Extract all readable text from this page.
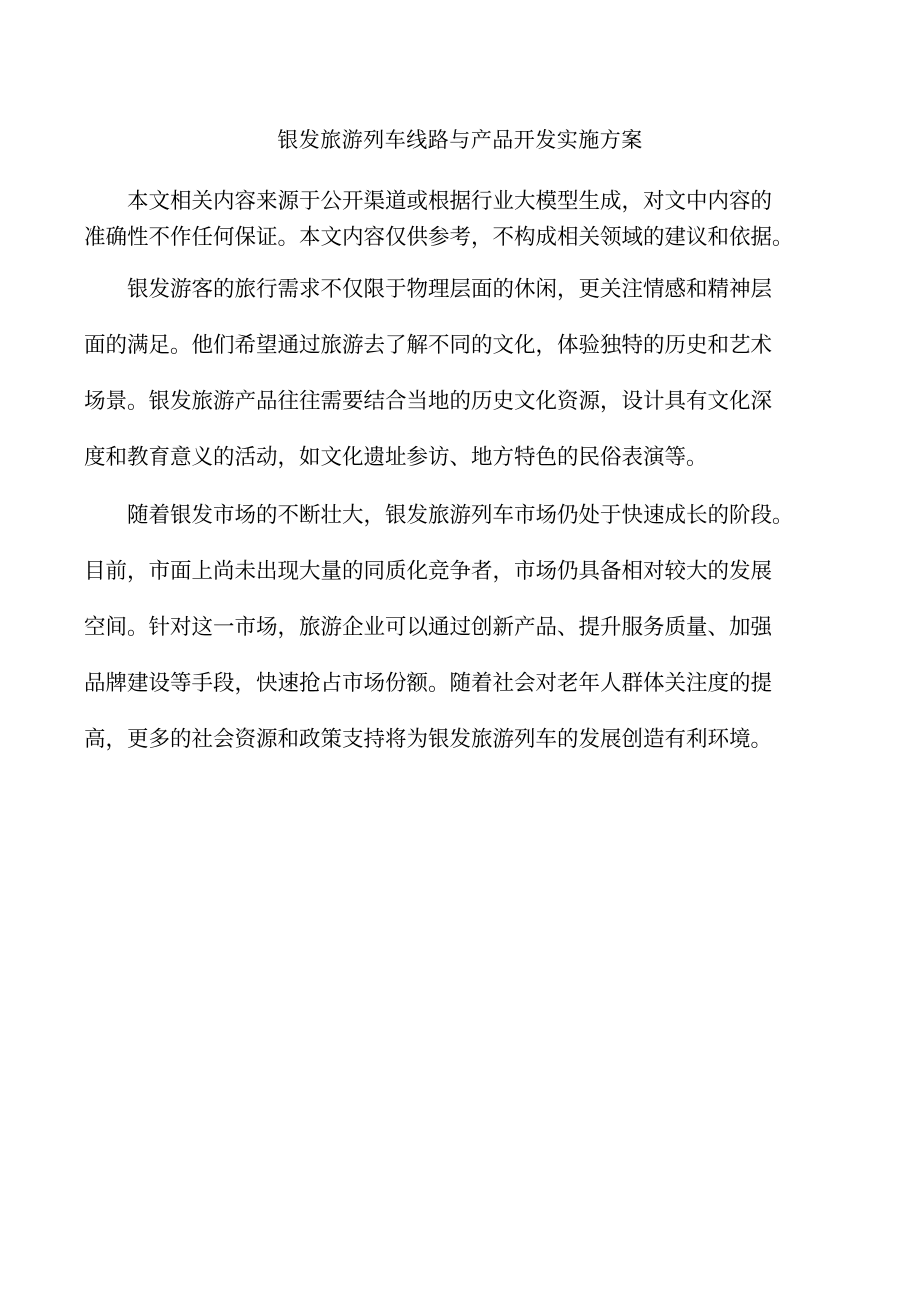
银发旅游列车线路与产品开发实施方案

本文相关内容来源于公开渠道或根据行业大模型生成，对文中内容的
准确性不作任何保证。本文内容仅供参考，不构成相关领域的建议和依据。

银发游客的旅行需求不仅限于物理层面的休闲，更关注情感和精神层
面的满足。他们希望通过旅游去了解不同的文化，体验独特的历史和艺术
场景。银发旅游产品往往需要结合当地的历史文化资源，设计具有文化深
度和教育意义的活动，如文化遗址参访、地方特色的民俗表演等。

随着银发市场的不断壮大，银发旅游列车市场仍处于快速成长的阶段。
目前，市面上尚未出现大量的同质化竞争者，市场仍具备相对较大的发展
空间。针对这一市场，旅游企业可以通过创新产品、提升服务质量、加强
品牌建设等手段，快速抢占市场份额。随着社会对老年人群体关注度的提
高，更多的社会资源和政策支持将为银发旅游列车的发展创造有利环境。
